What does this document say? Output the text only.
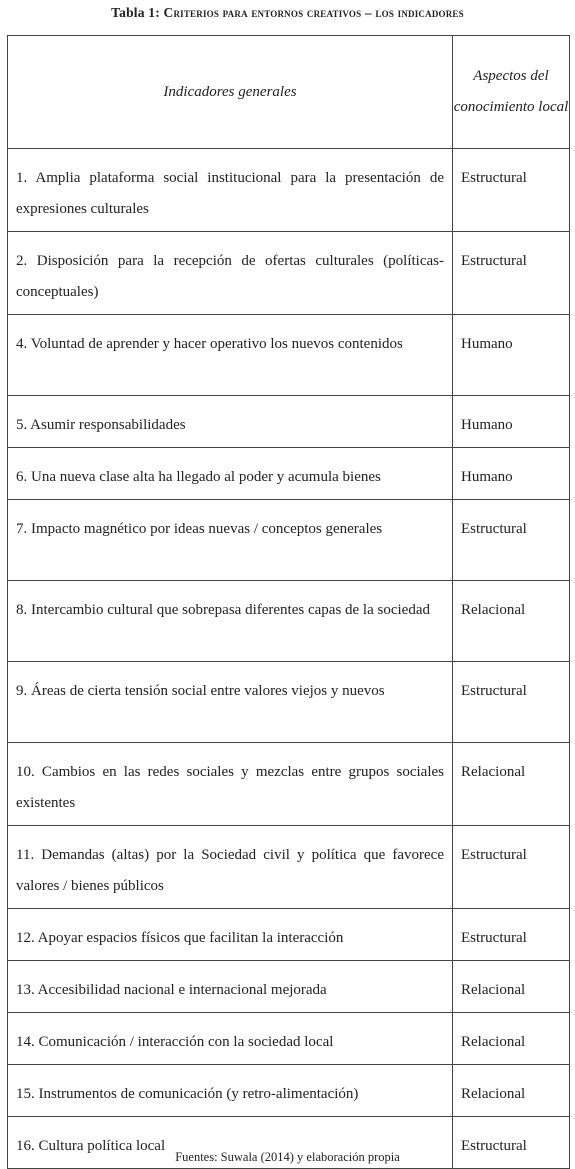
Tabla 1: Criterios para entornos creativos – los indicadores
Indicadores generales	Aspectos del conocimiento local
1. Amplia plataforma social institucional para la presentación de expresiones culturales	Estructural
2. Disposición para la recepción de ofertas culturales (políticas-conceptuales)	Estructural
4. Voluntad de aprender y hacer operativo los nuevos contenidos	Humano
5. Asumir responsabilidades	Humano
6. Una nueva clase alta ha llegado al poder y acumula bienes	Humano
7. Impacto magnético por ideas nuevas / conceptos generales	Estructural
8. Intercambio cultural que sobrepasa diferentes capas de la sociedad	Relacional
9. Áreas de cierta tensión social entre valores viejos y nuevos	Estructural
10. Cambios en las redes sociales y mezclas entre grupos sociales existentes	Relacional
11. Demandas (altas) por la Sociedad civil y política que favorece valores / bienes públicos	Estructural
12. Apoyar espacios físicos que facilitan la interacción	Estructural
13. Accesibilidad nacional e internacional mejorada	Relacional
14. Comunicación / interacción con la sociedad local	Relacional
15. Instrumentos de comunicación (y retro-alimentación)	Relacional
16. Cultura política local	Estructural
Fuentes: Suwala (2014) y elaboración propia
